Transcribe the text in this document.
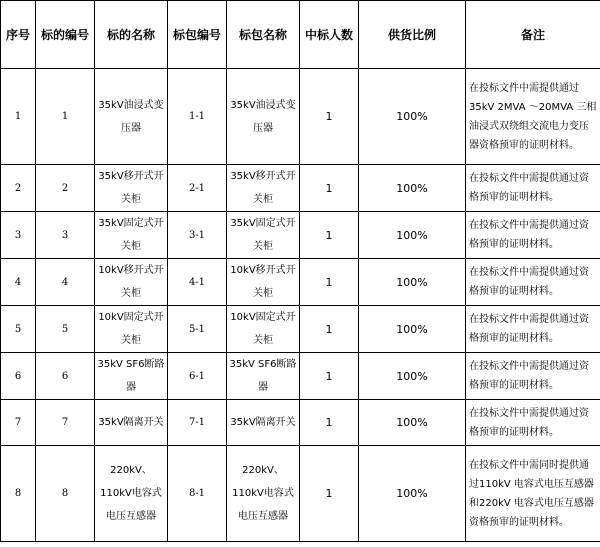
序号	标的编号	标的名称	标包编号	标包名称	中标人数	供货比例	备注
1	1	35kV油浸式变压器	1-1	35kV油浸式变压器	1	100%	在投标文件中需提供通过35kV 2MVA ～20MVA 三相油浸式双绕组交流电力变压器资格预审的证明材料。
2	2	35kV移开式开关柜	2-1	35kV移开式开关柜	1	100%	在投标文件中需提供通过资格预审的证明材料。
3	3	35kV固定式开关柜	3-1	35kV固定式开关柜	1	100%	在投标文件中需提供通过资格预审的证明材料。
4	4	10kV移开式开关柜	4-1	10kV移开式开关柜	1	100%	在投标文件中需提供通过资格预审的证明材料。
5	5	10kV固定式开关柜	5-1	10kV固定式开关柜	1	100%	在投标文件中需提供通过资格预审的证明材料。
6	6	35kV SF6断路器	6-1	35kV SF6断路器	1	100%	在投标文件中需提供通过资格预审的证明材料。
7	7	35kV隔离开关	7-1	35kV隔离开关	1	100%	在投标文件中需提供通过资格预审的证明材料。
8	8	220kV、110kV电容式电压互感器	8-1	220kV、110kV电容式电压互感器	1	100%	在投标文件中需同时提供通过110kV 电容式电压互感器和220kV 电容式电压互感器资格预审的证明材料。
